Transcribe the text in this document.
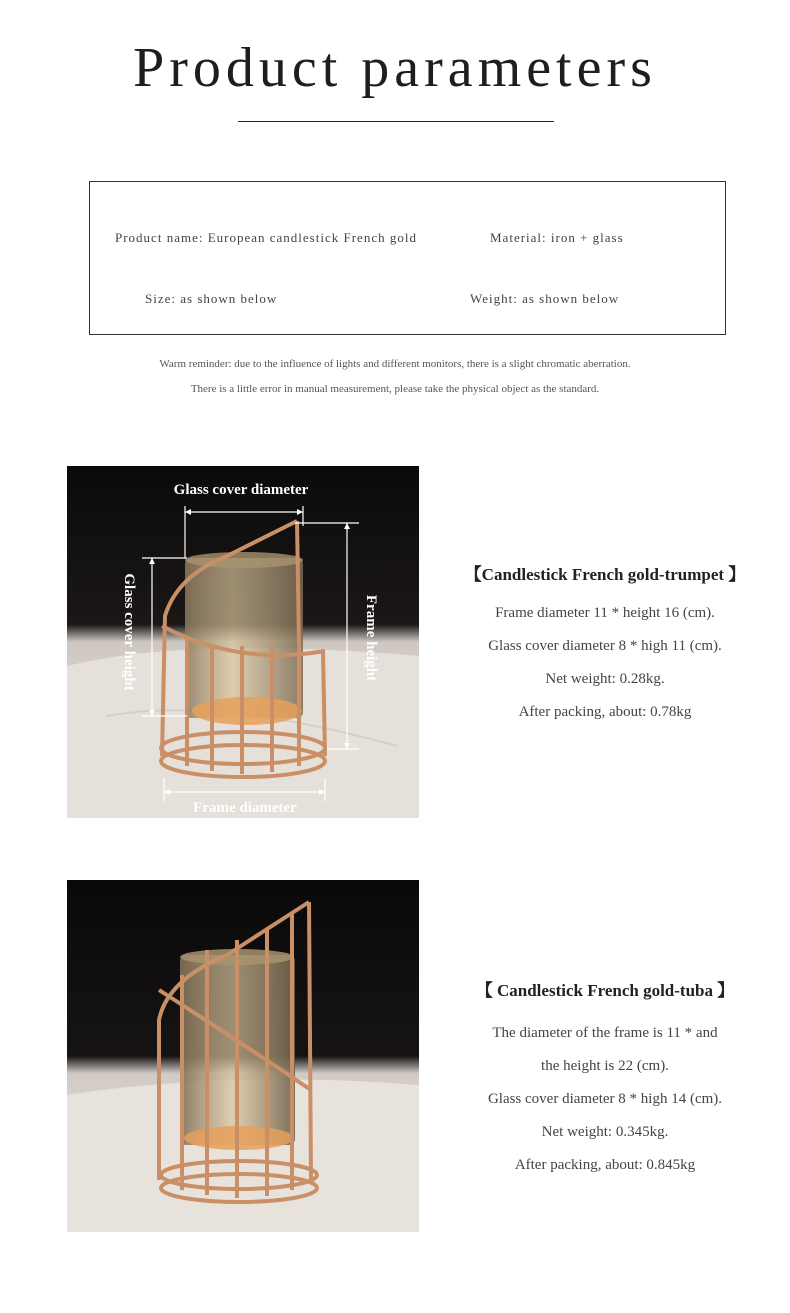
Product parameters
Product name: European candlestick French gold	Material: iron + glass
Size: as shown below	Weight: as shown below
Warm reminder: due to the influence of lights and different monitors, there is a slight chromatic aberration.
There is a little error in manual measurement, please take the physical object as the standard.
Glass cover diameter
Glass cover height	Frame height
Frame diameter
【Candlestick French gold-trumpet 】
Frame diameter 11 * height 16 (cm).
Glass cover diameter 8 * high 11 (cm).
Net weight: 0.28kg.
After packing, about: 0.78kg
【 Candlestick French gold-tuba 】
The diameter of the frame is 11 * and
the height is 22 (cm).
Glass cover diameter 8 * high 14 (cm).
Net weight: 0.345kg.
After packing, about: 0.845kg
